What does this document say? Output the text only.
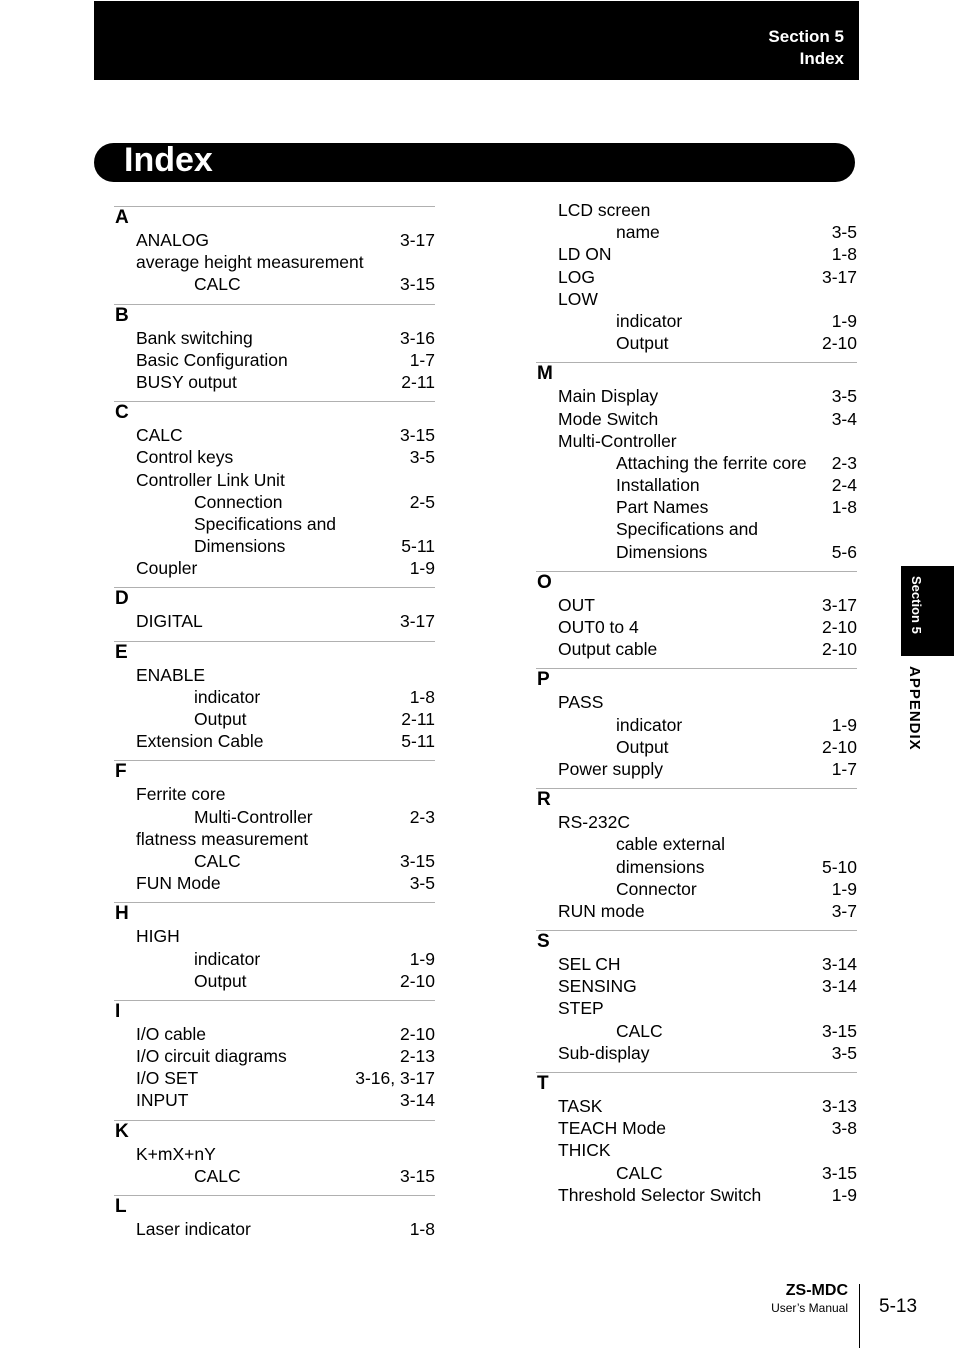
Section 5
Index
Index
A
ANALOG	3-17
average height measurement
CALC	3-15
B
Bank switching	3-16
Basic Configuration	1-7
BUSY output	2-11
C
CALC	3-15
Control keys	3-5
Controller Link Unit
Connection	2-5
Specifications and
Dimensions	5-11
Coupler	1-9
D
DIGITAL	3-17
E
ENABLE
indicator	1-8
Output	2-11
Extension Cable	5-11
F
Ferrite core
Multi-Controller	2-3
flatness measurement
CALC	3-15
FUN Mode	3-5
H
HIGH
indicator	1-9
Output	2-10
I
I/O cable	2-10
I/O circuit diagrams	2-13
I/O SET	3-16, 3-17
INPUT	3-14
K
K+mX+nY
CALC	3-15
L
Laser indicator	1-8
LCD screen
name	3-5
LD ON	1-8
LOG	3-17
LOW
indicator	1-9
Output	2-10
M
Main Display	3-5
Mode Switch	3-4
Multi-Controller
Attaching the ferrite core 2-3
Installation	2-4
Part Names	1-8
Specifications and
Dimensions	5-6
O
OUT	3-17
OUT0 to 4	2-10
Output cable	2-10
P
PASS
indicator	1-9
Output	2-10
Power supply	1-7
R
RS-232C
cable external
dimensions	5-10
Connector	1-9
RUN mode	3-7
S
SEL CH	3-14
SENSING	3-14
STEP
CALC	3-15
Sub-display	3-5
T
TASK	3-13
TEACH Mode	3-8
THICK
CALC	3-15
Threshold Selector Switch	1-9
Section 5
APPENDIX
ZS-MDC
User’s Manual 5-13
